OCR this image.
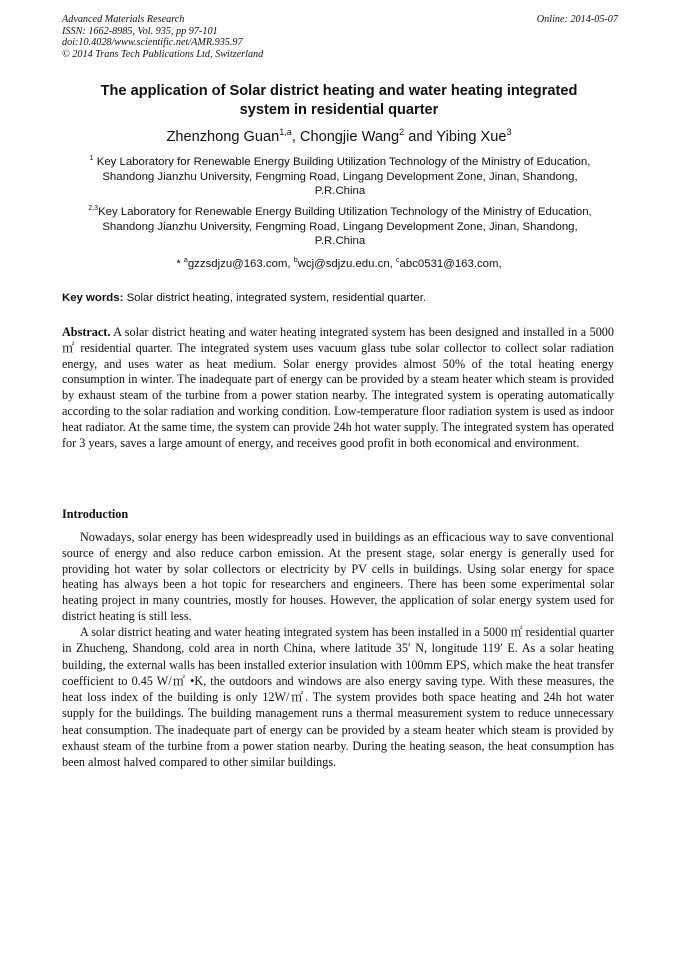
Advanced Materials Research
ISSN: 1662-8985, Vol. 935, pp 97-101
doi:10.4028/www.scientific.net/AMR.935.97
© 2014 Trans Tech Publications Ltd, Switzerland
Online: 2014-05-07
The application of Solar district heating and water heating integrated
system in residential quarter
Zhenzhong Guan$^{1,a}$, Chongjie Wang$^2$ and Yibing Xue$^3$
$^1$ Key Laboratory for Renewable Energy Building Utilization Technology of the Ministry of Education,
Shandong Jianzhu University, Fengming Road, Lingang Development Zone, Jinan, Shandong,
P.R.China
$^{2,3}$Key Laboratory for Renewable Energy Building Utilization Technology of the Ministry of Education,
Shandong Jianzhu University, Fengming Road, Lingang Development Zone, Jinan, Shandong,
P.R.China
* $^a$gzzsdjzu@163.com, $^b$wcj@sdjzu.edu.cn, $^c$abc0531@163.com,
Key words: Solar district heating, integrated system, residential quarter.
Abstract. A solar district heating and water heating integrated system has been designed and installed in a 5000 ㎡ residential quarter. The integrated system uses vacuum glass tube solar collector to collect solar radiation energy, and uses water as heat medium. Solar energy provides almost 50% of the total heating energy consumption in winter. The inadequate part of energy can be provided by a steam heater which steam is provided by exhaust steam of the turbine from a power station nearby. The integrated system is operating automatically according to the solar radiation and working condition. Low-temperature floor radiation system is used as indoor heat radiator. At the same time, the system can provide 24h hot water supply. The integrated system has operated for 3 years, saves a large amount of energy, and receives good profit in both economical and environment.
Introduction
Nowadays, solar energy has been widespreadly used in buildings as an efficacious way to save conventional source of energy and also reduce carbon emission. At the present stage, solar energy is generally used for providing hot water by solar collectors or electricity by PV cells in buildings. Using solar energy for space heating has always been a hot topic for researchers and engineers. There has been some experimental solar heating project in many countries, mostly for houses. However, the application of solar energy system used for district heating is still less.
A solar district heating and water heating integrated system has been installed in a 5000 ㎡ residential quarter in Zhucheng, Shandong, cold area in north China, where latitude 35′ N, longitude 119′ E. As a solar heating building, the external walls has been installed exterior insulation with 100mm EPS, which make the heat transfer coefficient to 0.45 W/㎡ •K, the outdoors and windows are also energy saving type. With these measures, the heat loss index of the building is only 12W/㎡. The system provides both space heating and 24h hot water supply for the buildings. The building management runs a thermal measurement system to reduce unnecessary heat consumption. The inadequate part of energy can be provided by a steam heater which steam is provided by exhaust steam of the turbine from a power station nearby. During the heating season, the heat consumption has been almost halved compared to other similar buildings.
